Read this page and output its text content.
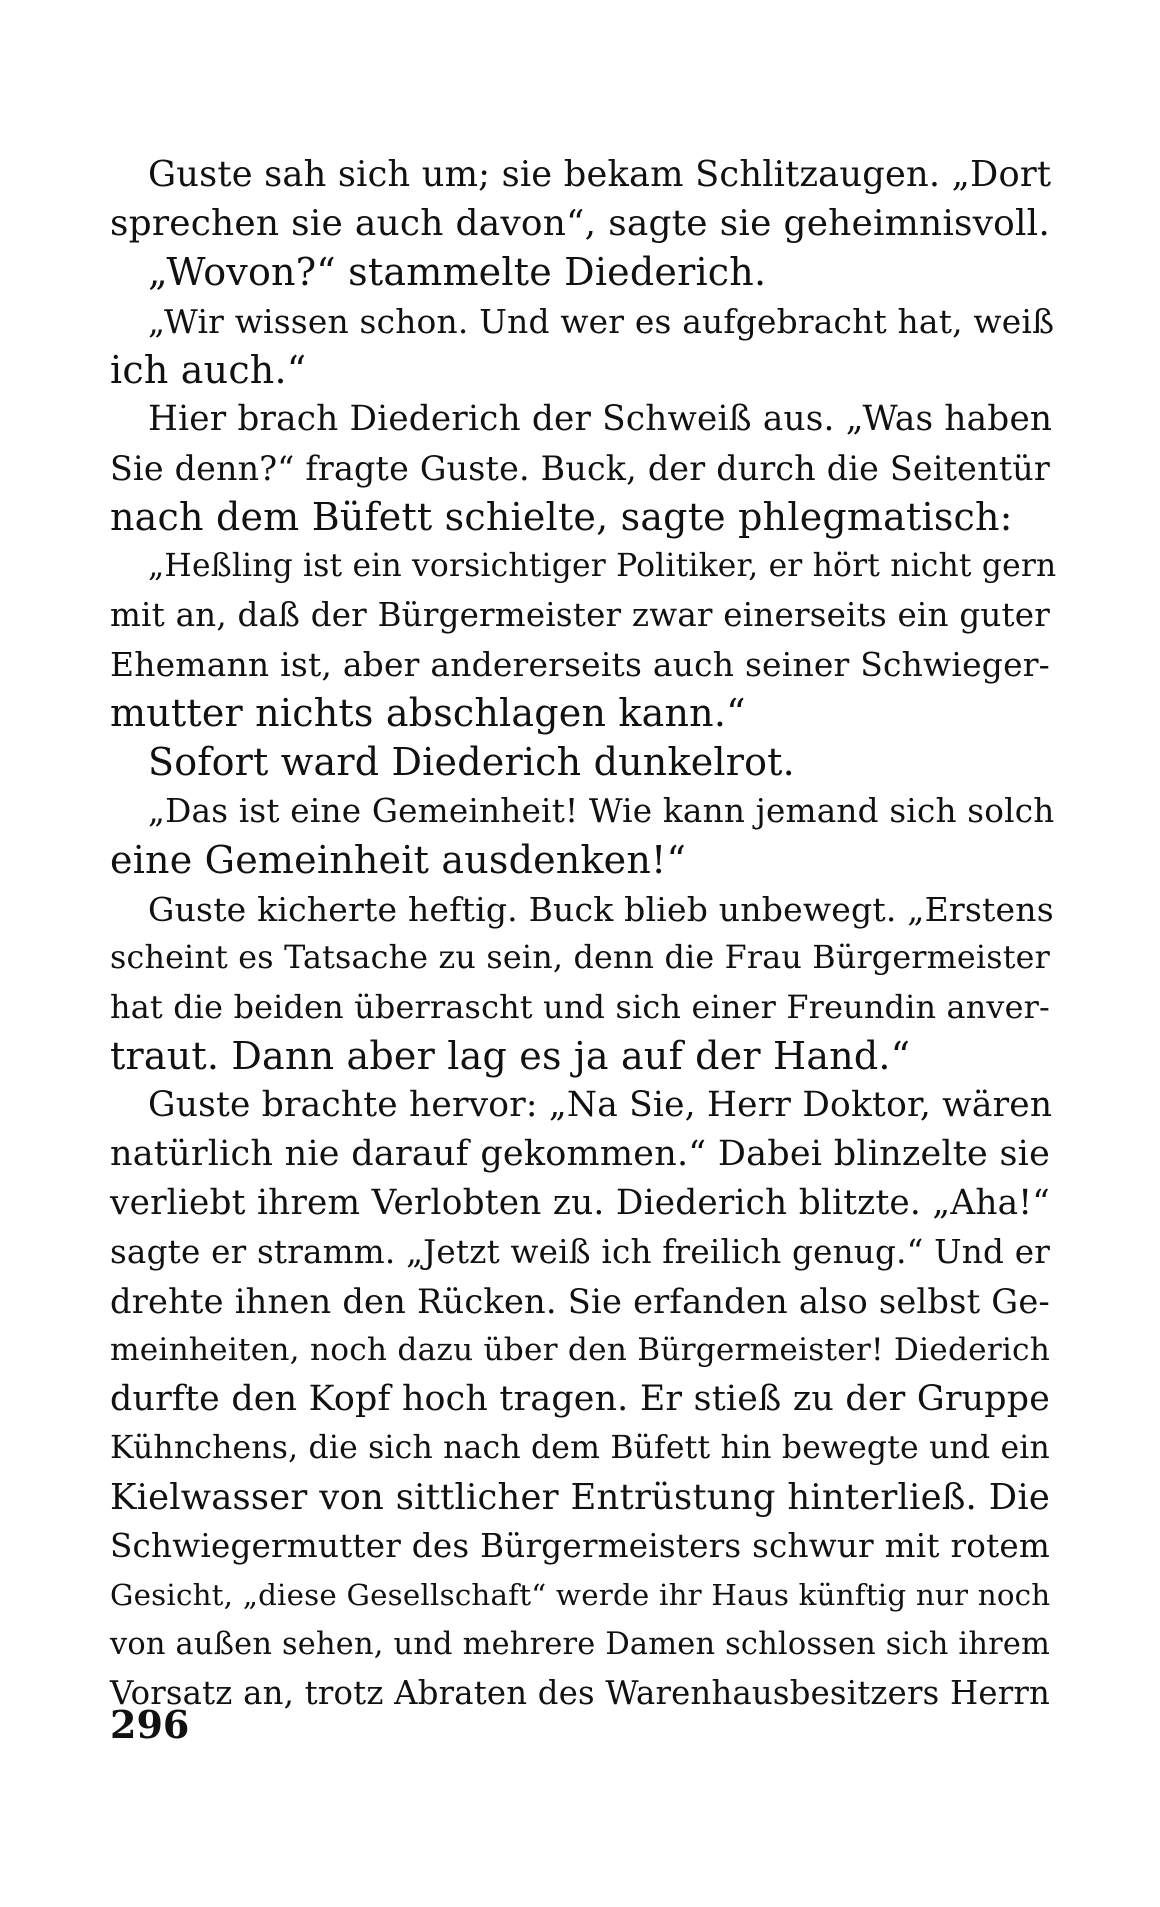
Guste sah sich um; sie bekam Schlitzaugen. „Dort
sprechen sie auch davon“, sagte sie geheimnisvoll.
„Wovon?“ stammelte Diederich.
„Wir wissen schon. Und wer es aufgebracht hat, weiß
ich auch.“
Hier brach Diederich der Schweiß aus. „Was haben
Sie denn?“ fragte Guste. Buck, der durch die Seitentür
nach dem Büfett schielte, sagte phlegmatisch:
„Heßling ist ein vorsichtiger Politiker, er hört nicht gern
mit an, daß der Bürgermeister zwar einerseits ein guter
Ehemann ist, aber andererseits auch seiner Schwieger-
mutter nichts abschlagen kann.“
Sofort ward Diederich dunkelrot.
„Das ist eine Gemeinheit! Wie kann jemand sich solch
eine Gemeinheit ausdenken!“
Guste kicherte heftig. Buck blieb unbewegt. „Erstens
scheint es Tatsache zu sein, denn die Frau Bürgermeister
hat die beiden überrascht und sich einer Freundin anver-
traut. Dann aber lag es ja auf der Hand.“
Guste brachte hervor: „Na Sie, Herr Doktor, wären
natürlich nie darauf gekommen.“ Dabei blinzelte sie
verliebt ihrem Verlobten zu. Diederich blitzte. „Aha!“
sagte er stramm. „Jetzt weiß ich freilich genug.“ Und er
drehte ihnen den Rücken. Sie erfanden also selbst Ge-
meinheiten, noch dazu über den Bürgermeister! Diederich
durfte den Kopf hoch tragen. Er stieß zu der Gruppe
Kühnchens, die sich nach dem Büfett hin bewegte und ein
Kielwasser von sittlicher Entrüstung hinterließ. Die
Schwiegermutter des Bürgermeisters schwur mit rotem
Gesicht, „diese Gesellschaft“ werde ihr Haus künftig nur noch
von außen sehen, und mehrere Damen schlossen sich ihrem
Vorsatz an, trotz Abraten des Warenhausbesitzers Herrn
296
